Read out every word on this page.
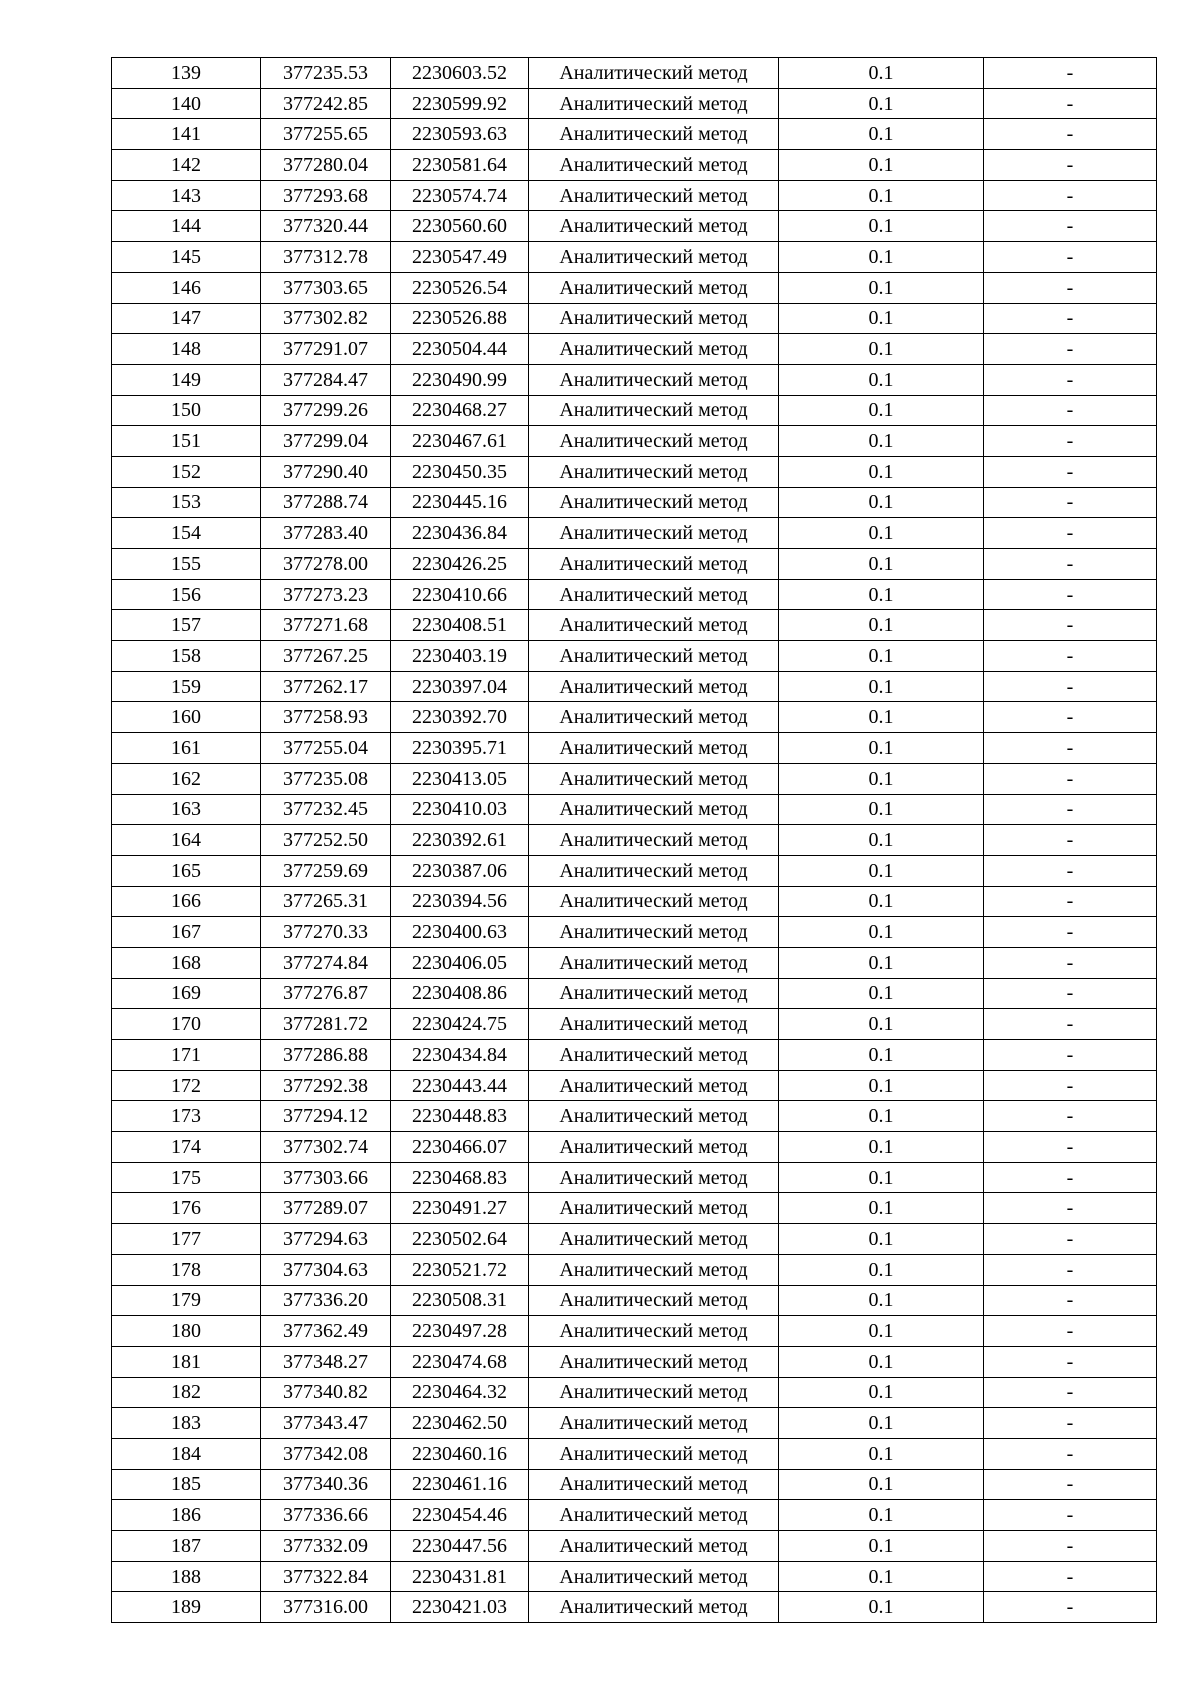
139	377235.53	2230603.52	Аналитический метод	0.1	-
140	377242.85	2230599.92	Аналитический метод	0.1	-
141	377255.65	2230593.63	Аналитический метод	0.1	-
142	377280.04	2230581.64	Аналитический метод	0.1	-
143	377293.68	2230574.74	Аналитический метод	0.1	-
144	377320.44	2230560.60	Аналитический метод	0.1	-
145	377312.78	2230547.49	Аналитический метод	0.1	-
146	377303.65	2230526.54	Аналитический метод	0.1	-
147	377302.82	2230526.88	Аналитический метод	0.1	-
148	377291.07	2230504.44	Аналитический метод	0.1	-
149	377284.47	2230490.99	Аналитический метод	0.1	-
150	377299.26	2230468.27	Аналитический метод	0.1	-
151	377299.04	2230467.61	Аналитический метод	0.1	-
152	377290.40	2230450.35	Аналитический метод	0.1	-
153	377288.74	2230445.16	Аналитический метод	0.1	-
154	377283.40	2230436.84	Аналитический метод	0.1	-
155	377278.00	2230426.25	Аналитический метод	0.1	-
156	377273.23	2230410.66	Аналитический метод	0.1	-
157	377271.68	2230408.51	Аналитический метод	0.1	-
158	377267.25	2230403.19	Аналитический метод	0.1	-
159	377262.17	2230397.04	Аналитический метод	0.1	-
160	377258.93	2230392.70	Аналитический метод	0.1	-
161	377255.04	2230395.71	Аналитический метод	0.1	-
162	377235.08	2230413.05	Аналитический метод	0.1	-
163	377232.45	2230410.03	Аналитический метод	0.1	-
164	377252.50	2230392.61	Аналитический метод	0.1	-
165	377259.69	2230387.06	Аналитический метод	0.1	-
166	377265.31	2230394.56	Аналитический метод	0.1	-
167	377270.33	2230400.63	Аналитический метод	0.1	-
168	377274.84	2230406.05	Аналитический метод	0.1	-
169	377276.87	2230408.86	Аналитический метод	0.1	-
170	377281.72	2230424.75	Аналитический метод	0.1	-
171	377286.88	2230434.84	Аналитический метод	0.1	-
172	377292.38	2230443.44	Аналитический метод	0.1	-
173	377294.12	2230448.83	Аналитический метод	0.1	-
174	377302.74	2230466.07	Аналитический метод	0.1	-
175	377303.66	2230468.83	Аналитический метод	0.1	-
176	377289.07	2230491.27	Аналитический метод	0.1	-
177	377294.63	2230502.64	Аналитический метод	0.1	-
178	377304.63	2230521.72	Аналитический метод	0.1	-
179	377336.20	2230508.31	Аналитический метод	0.1	-
180	377362.49	2230497.28	Аналитический метод	0.1	-
181	377348.27	2230474.68	Аналитический метод	0.1	-
182	377340.82	2230464.32	Аналитический метод	0.1	-
183	377343.47	2230462.50	Аналитический метод	0.1	-
184	377342.08	2230460.16	Аналитический метод	0.1	-
185	377340.36	2230461.16	Аналитический метод	0.1	-
186	377336.66	2230454.46	Аналитический метод	0.1	-
187	377332.09	2230447.56	Аналитический метод	0.1	-
188	377322.84	2230431.81	Аналитический метод	0.1	-
189	377316.00	2230421.03	Аналитический метод	0.1	-
